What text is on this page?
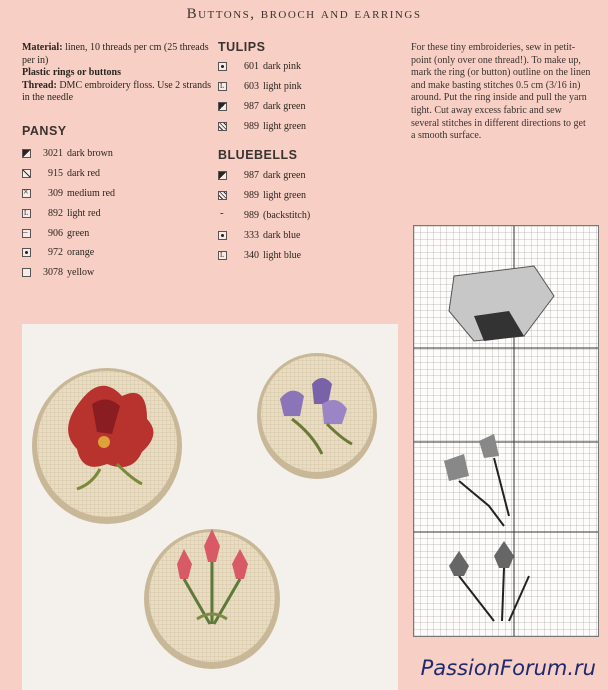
Buttons, brooch and earrings
Material: linen, 10 threads per cm (25 threads per in)
Plastic rings or buttons
Thread: DMC embroidery floss. Use 2 strands in the needle
PANSY
3021 dark brown
915 dark red
×
309 medium red
L
892 light red
–
906 green
972 orange
3078 yellow
TULIPS
601 dark pink
L
603 light pink
987 dark green
989 light green
BLUEBELLS
987 dark green
989 light green
-
989 (backstitch)
333 dark blue
L
340 light blue
For these tiny embroideries, sew in petit-point (only over one thread!). To make up, mark the ring (or button) outline on the linen and make basting stitches 0.5 cm (3/16 in) around. Put the ring inside and pull the yarn tight. Cut away excess fabric and sew several stitches in different directions to get a smooth surface.
PassionForum.ru
